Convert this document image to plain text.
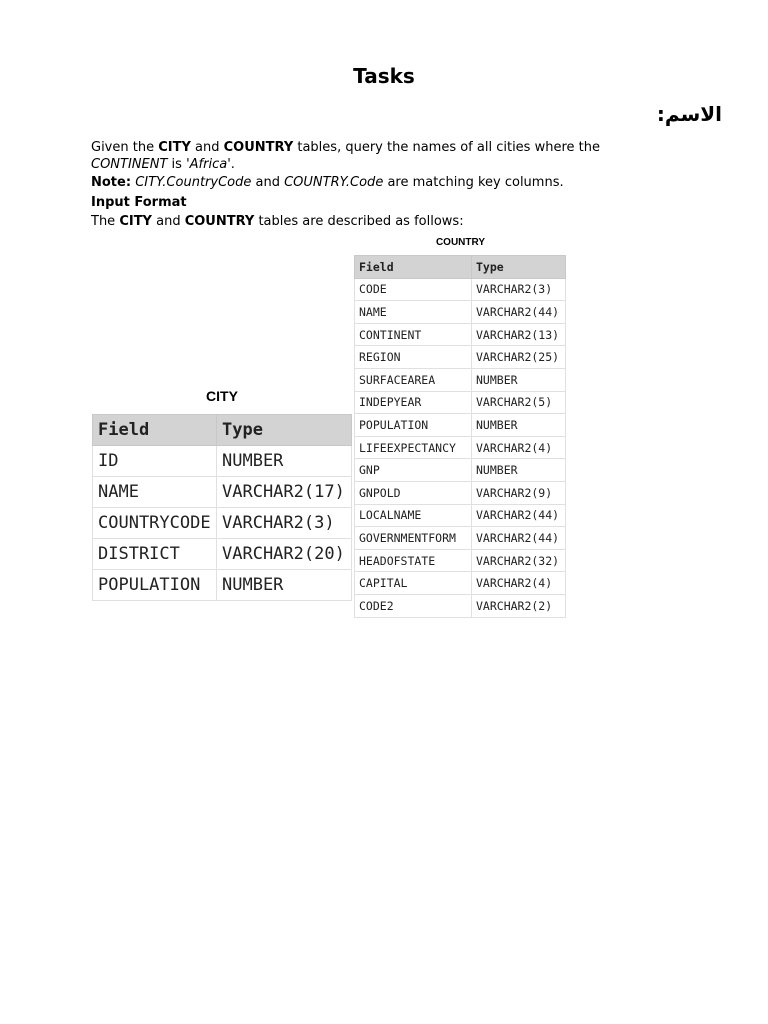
Tasks
الاسم:
Given the CITY and COUNTRY tables, query the names of all cities where the CONTINENT is 'Africa'.
Note: CITY.CountryCode and COUNTRY.Code are matching key columns.
Input Format
The CITY and COUNTRY tables are described as follows:
COUNTRY
Field	Type
CODE	VARCHAR2(3)
NAME	VARCHAR2(44)
CONTINENT	VARCHAR2(13)
REGION	VARCHAR2(25)
SURFACEAREA	NUMBER
INDEPYEAR	VARCHAR2(5)
POPULATION	NUMBER
LIFEEXPECTANCY	VARCHAR2(4)
GNP	NUMBER
GNPOLD	VARCHAR2(9)
LOCALNAME	VARCHAR2(44)
GOVERNMENTFORM	VARCHAR2(44)
HEADOFSTATE	VARCHAR2(32)
CAPITAL	VARCHAR2(4)
CODE2	VARCHAR2(2)
CITY
Field	Type
ID	NUMBER
NAME	VARCHAR2(17)
COUNTRYCODE	VARCHAR2(3)
DISTRICT	VARCHAR2(20)
POPULATION	NUMBER
